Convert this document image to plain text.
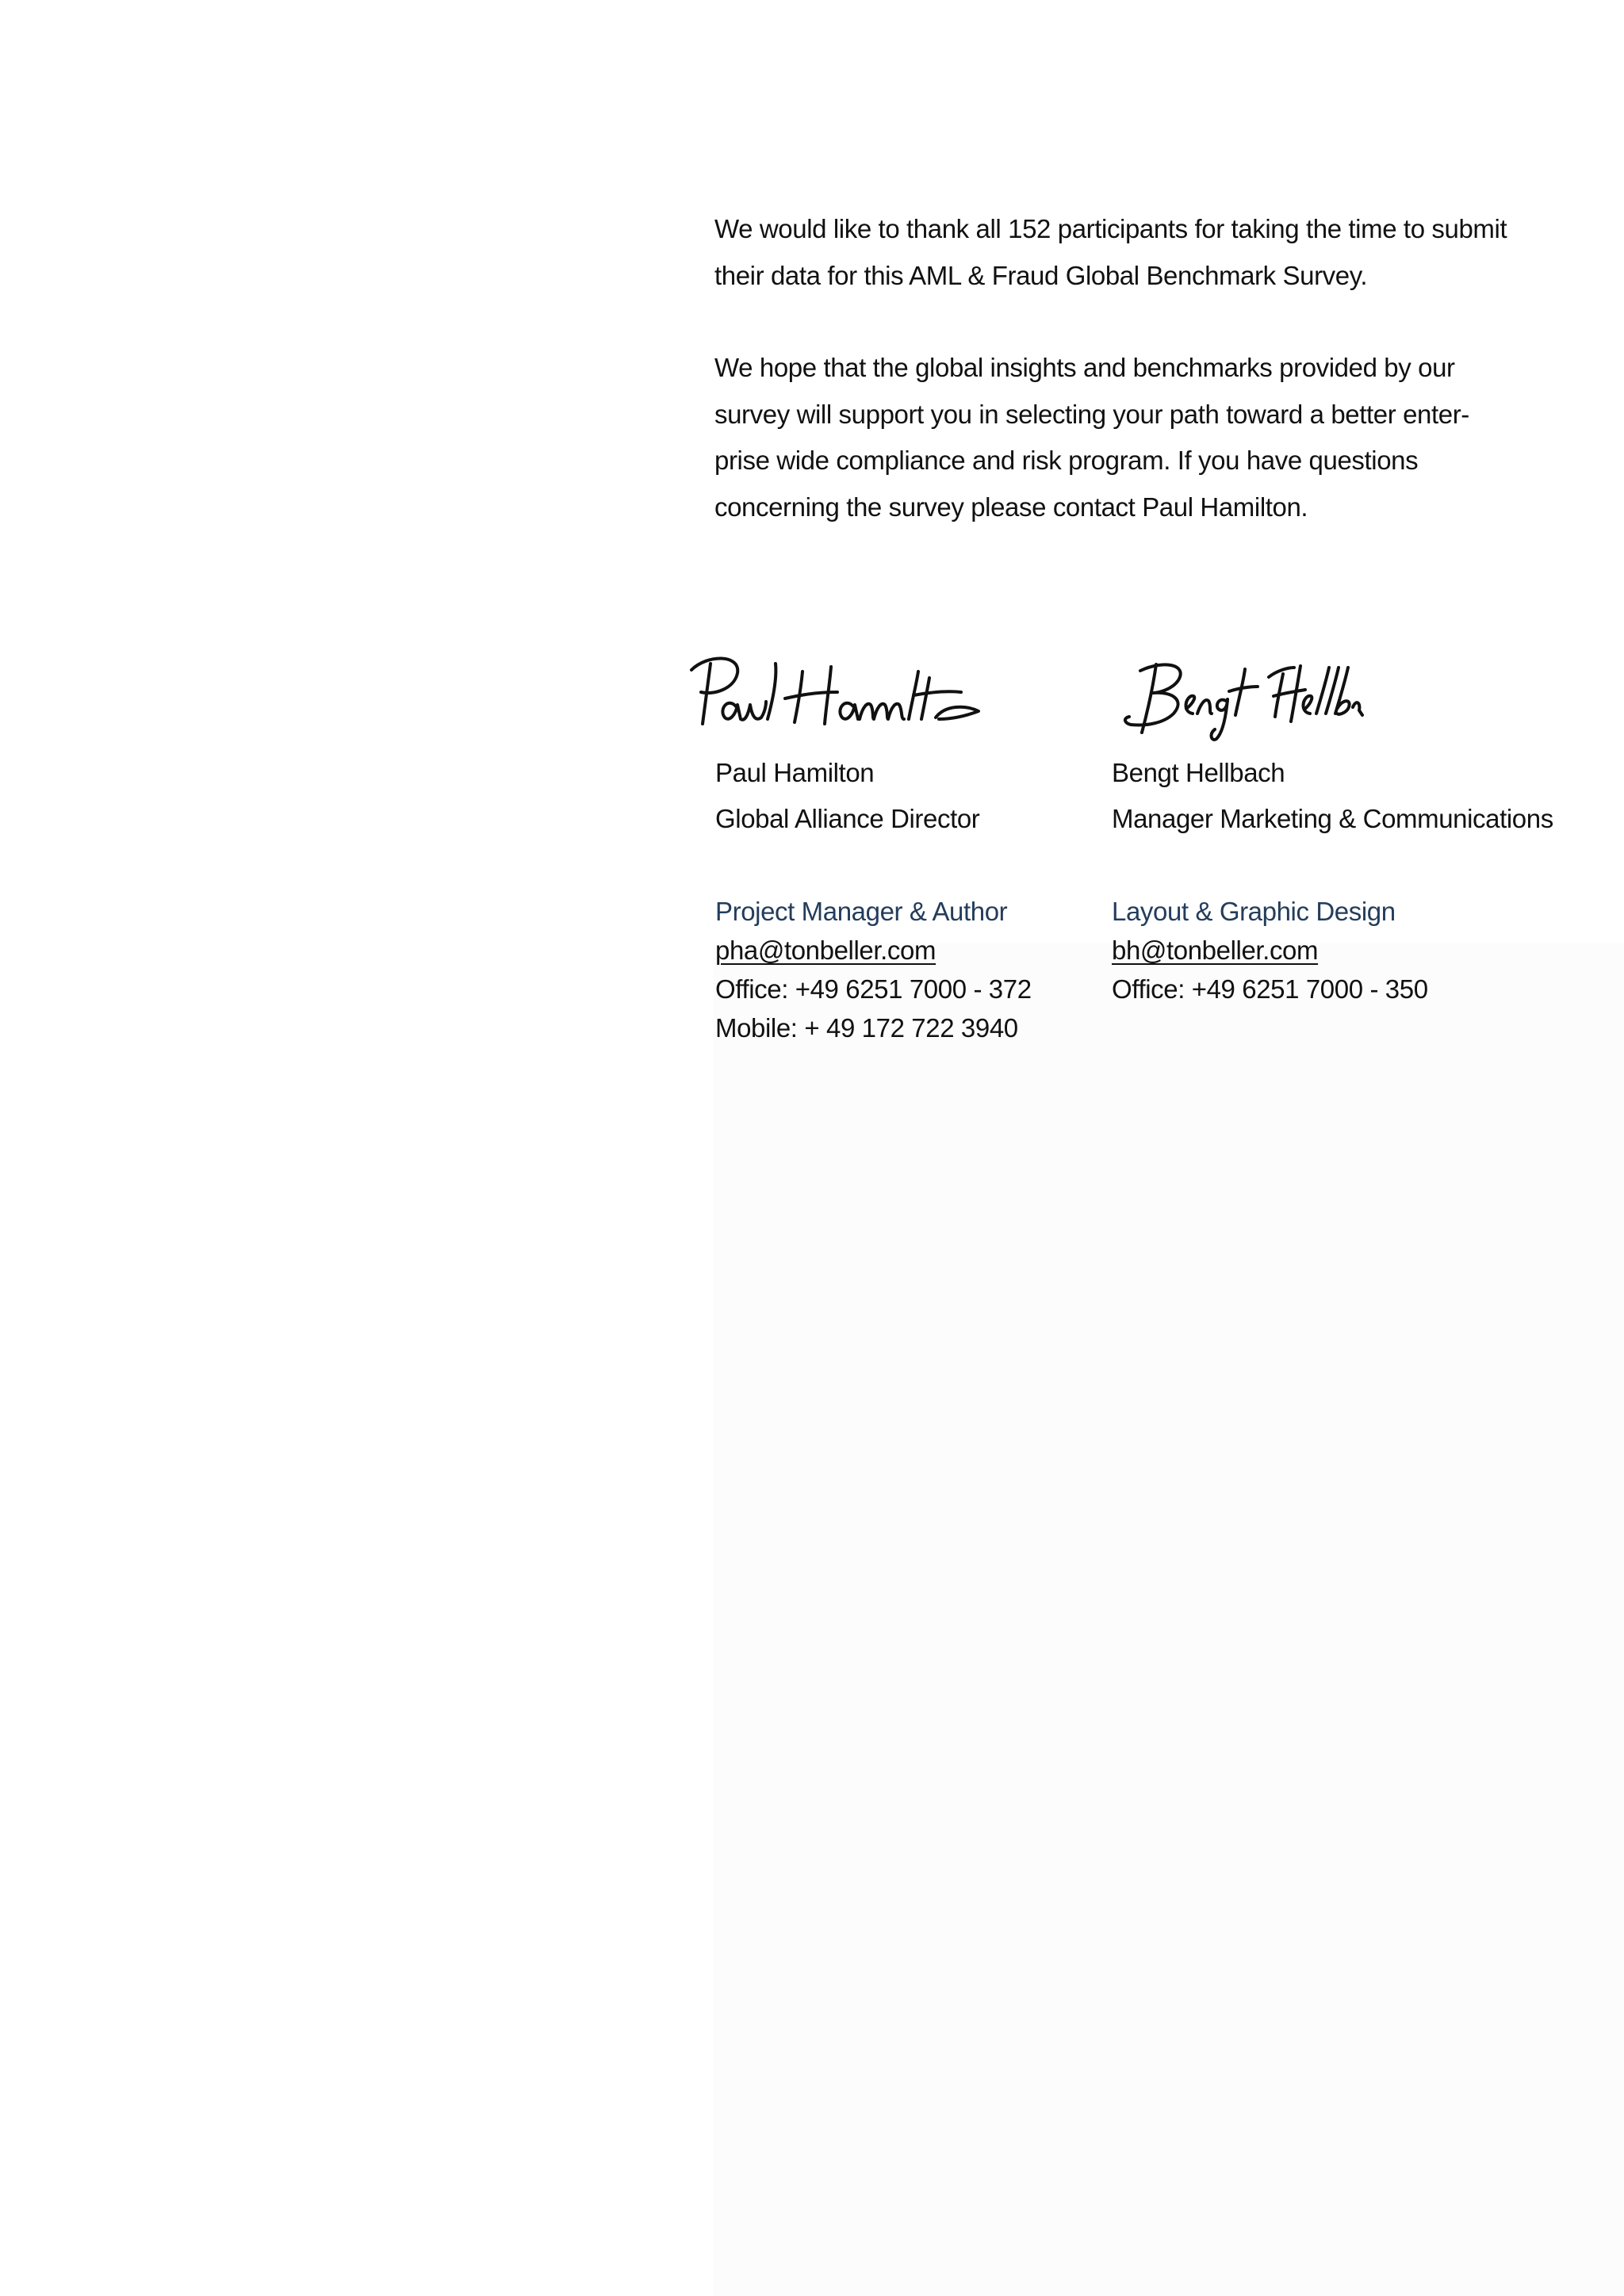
We would like to thank all 152 participants for taking the time to submit
their data for this AML & Fraud Global Benchmark Survey.

We hope that the global insights and benchmarks provided by our
survey will support you in selecting your path toward a better enter-
prise wide compliance and risk program. If you have questions
concerning the survey please contact Paul Hamilton.

Paul Hamilton
Global Alliance Director
Project Manager & Author
pha@tonbeller.com
Office: +49 6251 7000 - 372
Mobile: + 49 172 722 3940
Bengt Hellbach
Manager Marketing & Communications
Layout & Graphic Design
bh@tonbeller.com
Office: +49 6251 7000 - 350
